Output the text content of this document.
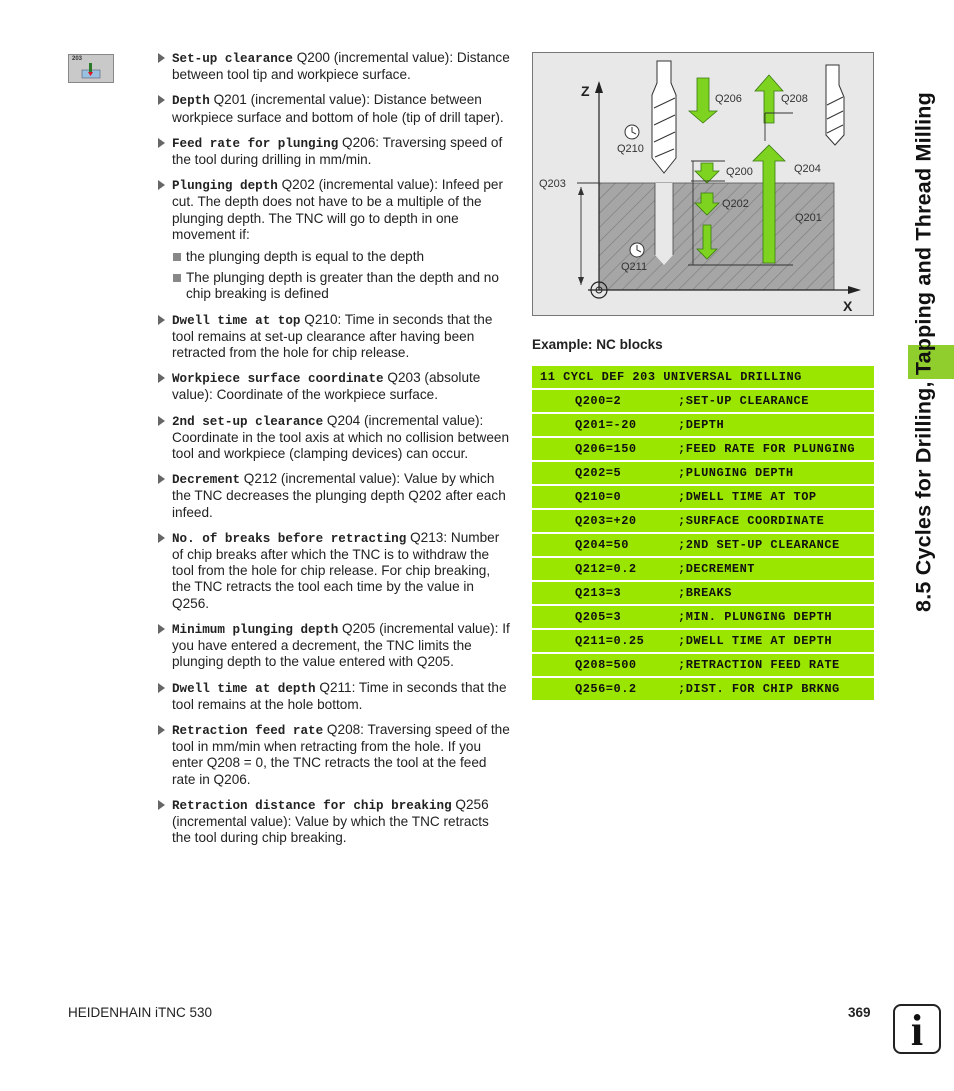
203	Set-up clearance Q200 (incremental value): Distance between tool tip and workpiece surface.
Depth Q201 (incremental value): Distance between workpiece surface and bottom of hole (tip of drill taper).
Feed rate for plunging Q206: Traversing speed of the tool during drilling in mm/min.
Plunging depth Q202 (incremental value): Infeed per cut. The depth does not have to be a multiple of the plunging depth. The TNC will go to depth in one movement if:
the plunging depth is equal to the depth
The plunging depth is greater than the depth and no chip breaking is defined
Dwell time at top Q210: Time in seconds that the tool remains at set-up clearance after having been retracted from the hole for chip release.
Workpiece surface coordinate Q203 (absolute value): Coordinate of the workpiece surface.
2nd set-up clearance Q204 (incremental value): Coordinate in the tool axis at which no collision between tool and workpiece (clamping devices) can occur.
Decrement Q212 (incremental value): Value by which the TNC decreases the plunging depth Q202 after each infeed.
No. of breaks before retracting Q213: Number of chip breaks after which the TNC is to withdraw the tool from the hole for chip release. For chip breaking, the TNC retracts the tool each time by the value in Q256.
Minimum plunging depth Q205 (incremental value): If you have entered a decrement, the TNC limits the plunging depth to the value entered with Q205.
Dwell time at depth Q211: Time in seconds that the tool remains at the hole bottom.
Retraction feed rate Q208: Traversing speed of the tool in mm/min when retracting from the hole. If you enter Q208 = 0, the TNC retracts the tool at the feed rate in Q206.
Retraction distance for chip breaking Q256 (incremental value): Value by which the TNC retracts the tool during chip breaking.
Z
X
Q206	Q208
Q210
Q200	Q204
Q203
Q202
Q201
Q211
Example: NC blocks
11 CYCL DEF 203 UNIVERSAL DRILLING
Q200=2	;SET-UP CLEARANCE
Q201=-20	;DEPTH
Q206=150	;FEED RATE FOR PLUNGING
Q202=5	;PLUNGING DEPTH
Q210=0	;DWELL TIME AT TOP
Q203=+20	;SURFACE COORDINATE
Q204=50	;2ND SET-UP CLEARANCE
Q212=0.2	;DECREMENT
Q213=3	;BREAKS
Q205=3	;MIN. PLUNGING DEPTH
Q211=0.25	;DWELL TIME AT DEPTH
Q208=500	;RETRACTION FEED RATE
Q256=0.2	;DIST. FOR CHIP BRKNG
8.5 Cycles for Drilling, Tapping and Thread Milling
HEIDENHAIN iTNC 530	369 i
